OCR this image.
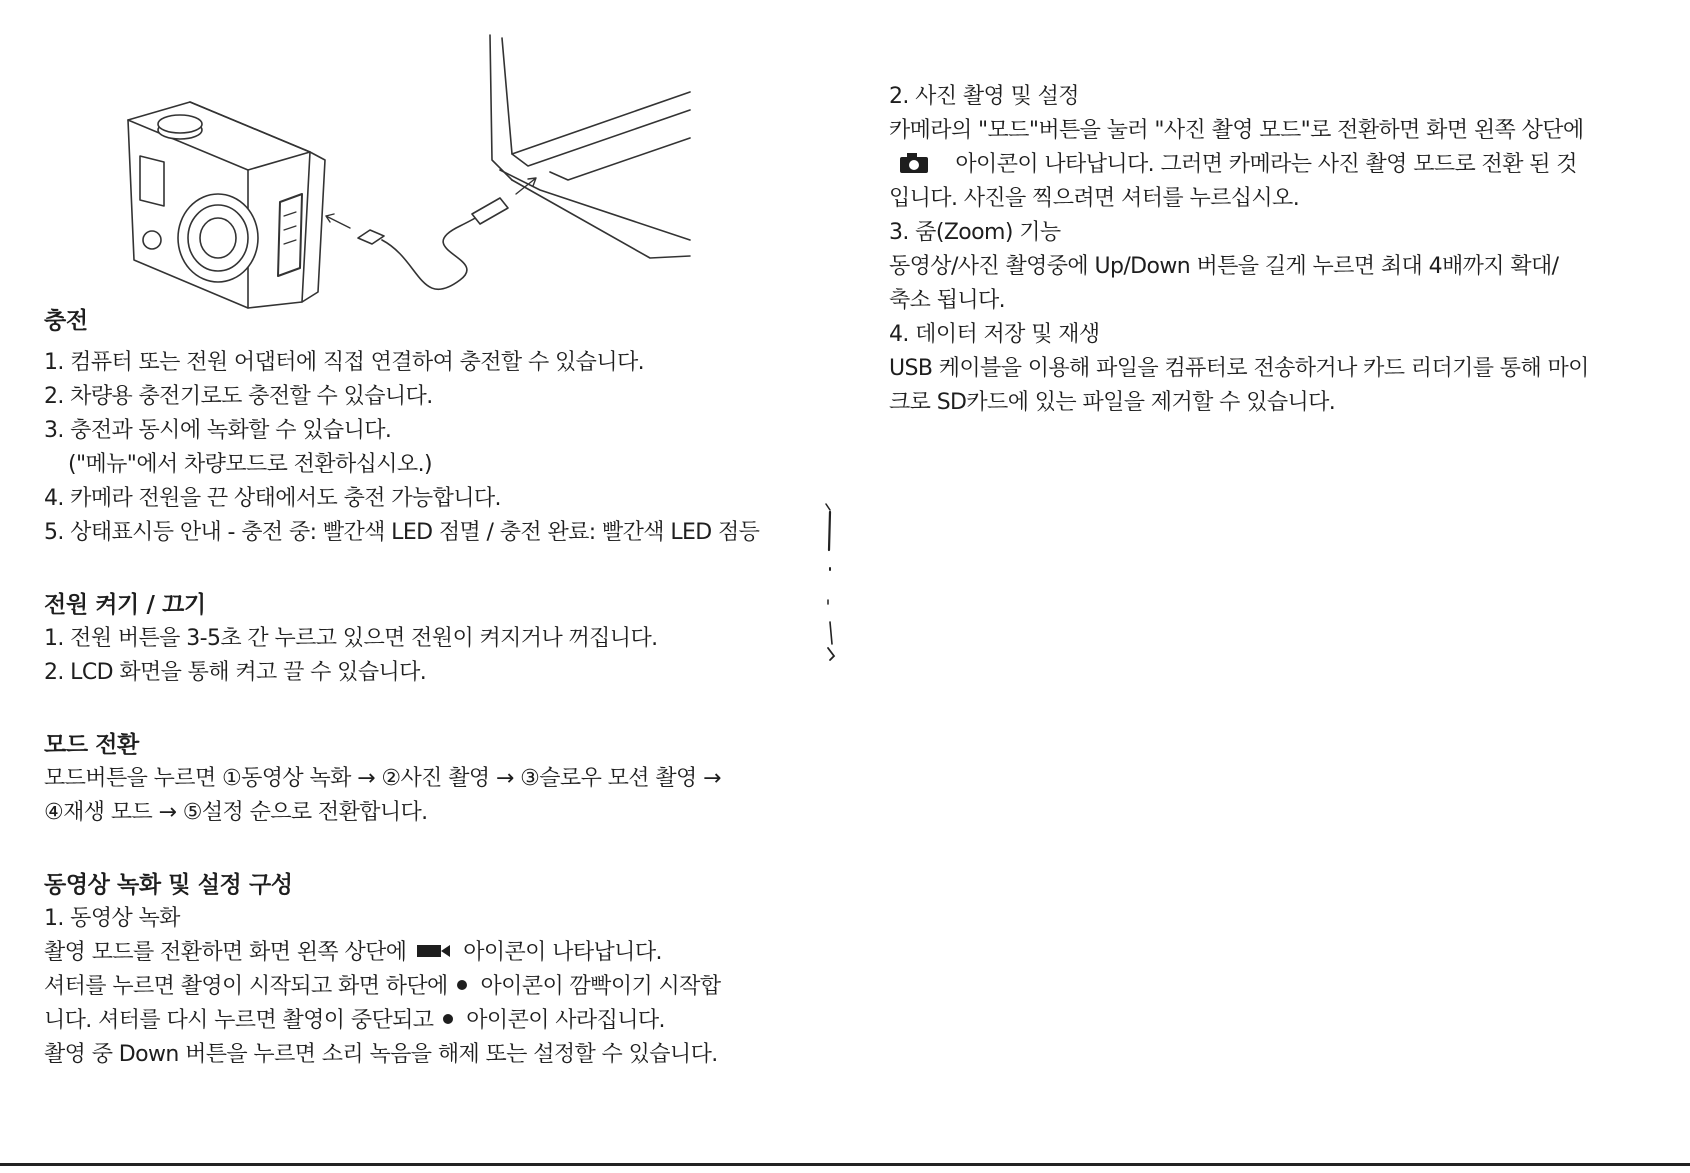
충전
1. 컴퓨터 또는 전원 어댑터에 직접 연결하여 충전할 수 있습니다.
2. 차량용 충전기로도 충전할 수 있습니다.
3. 충전과 동시에 녹화할 수 있습니다.
("메뉴"에서 차량모드로 전환하십시오.)
4. 카메라 전원을 끈 상태에서도 충전 가능합니다.
5. 상태표시등 안내 - 충전 중: 빨간색 LED 점멸 / 충전 완료: 빨간색 LED 점등
전원 켜기 / 끄기
1. 전원 버튼을 3-5초 간 누르고 있으면 전원이 켜지거나 꺼집니다.
2. LCD 화면을 통해 켜고 끌 수 있습니다.
모드 전환
모드버튼을 누르면 ①동영상 녹화 → ②사진 촬영 → ③슬로우 모션 촬영 →
④재생 모드 → ⑤설정 순으로 전환합니다.
동영상 녹화 및 설정 구성
1. 동영상 녹화
촬영 모드를 전환하면 화면 왼쪽 상단에	아이콘이 나타납니다.
셔터를 누르면 촬영이 시작되고 화면 하단에 아이콘이 깜빡이기 시작합
니다. 셔터를 다시 누르면 촬영이 중단되고 아이콘이 사라집니다.
촬영 중 Down 버튼을 누르면 소리 녹음을 해제 또는 설정할 수 있습니다.
2. 사진 촬영 및 설정
카메라의 "모드"버튼을 눌러 "사진 촬영 모드"로 전환하면 화면 왼쪽 상단에
아이콘이 나타납니다. 그러면 카메라는 사진 촬영 모드로 전환 된 것
입니다. 사진을 찍으려면 셔터를 누르십시오.
3. 줌(Zoom) 기능
동영상/사진 촬영중에 Up/Down 버튼을 길게 누르면 최대 4배까지 확대/
축소 됩니다.
4. 데이터 저장 및 재생
USB 케이블을 이용해 파일을 컴퓨터로 전송하거나 카드 리더기를 통해 마이
크로 SD카드에 있는 파일을 제거할 수 있습니다.
